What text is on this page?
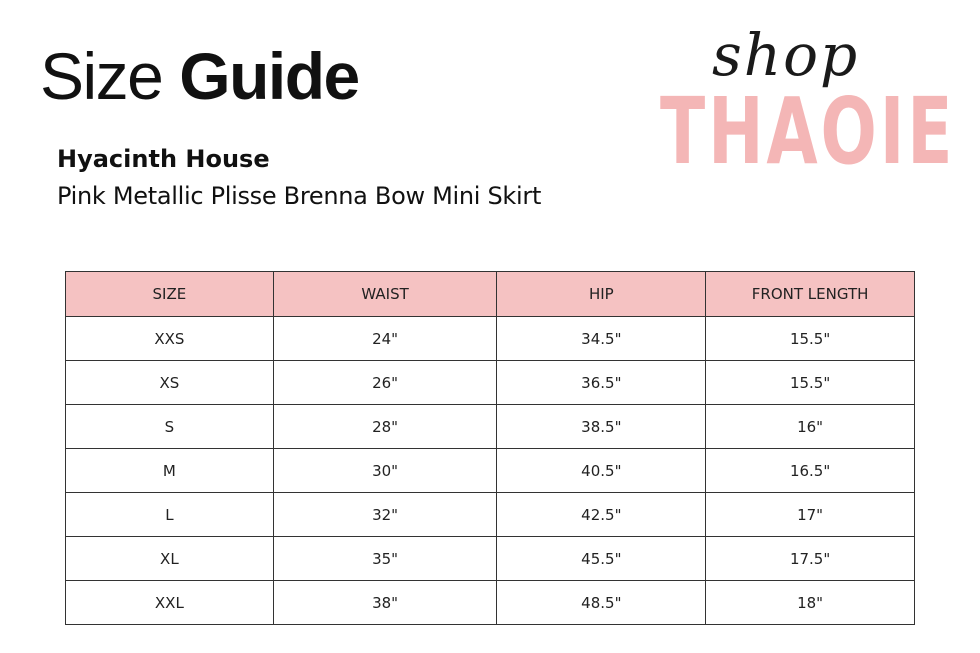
Size Guide
Hyacinth House
Pink Metallic Plisse Brenna Bow Mini Skirt
shop
THAOIE
SIZE	WAIST	HIP	FRONT LENGTH
XXS	24"	34.5"	15.5"
XS	26"	36.5"	15.5"
S	28"	38.5"	16"
M	30"	40.5"	16.5"
L	32"	42.5"	17"
XL	35"	45.5"	17.5"
XXL	38"	48.5"	18"
